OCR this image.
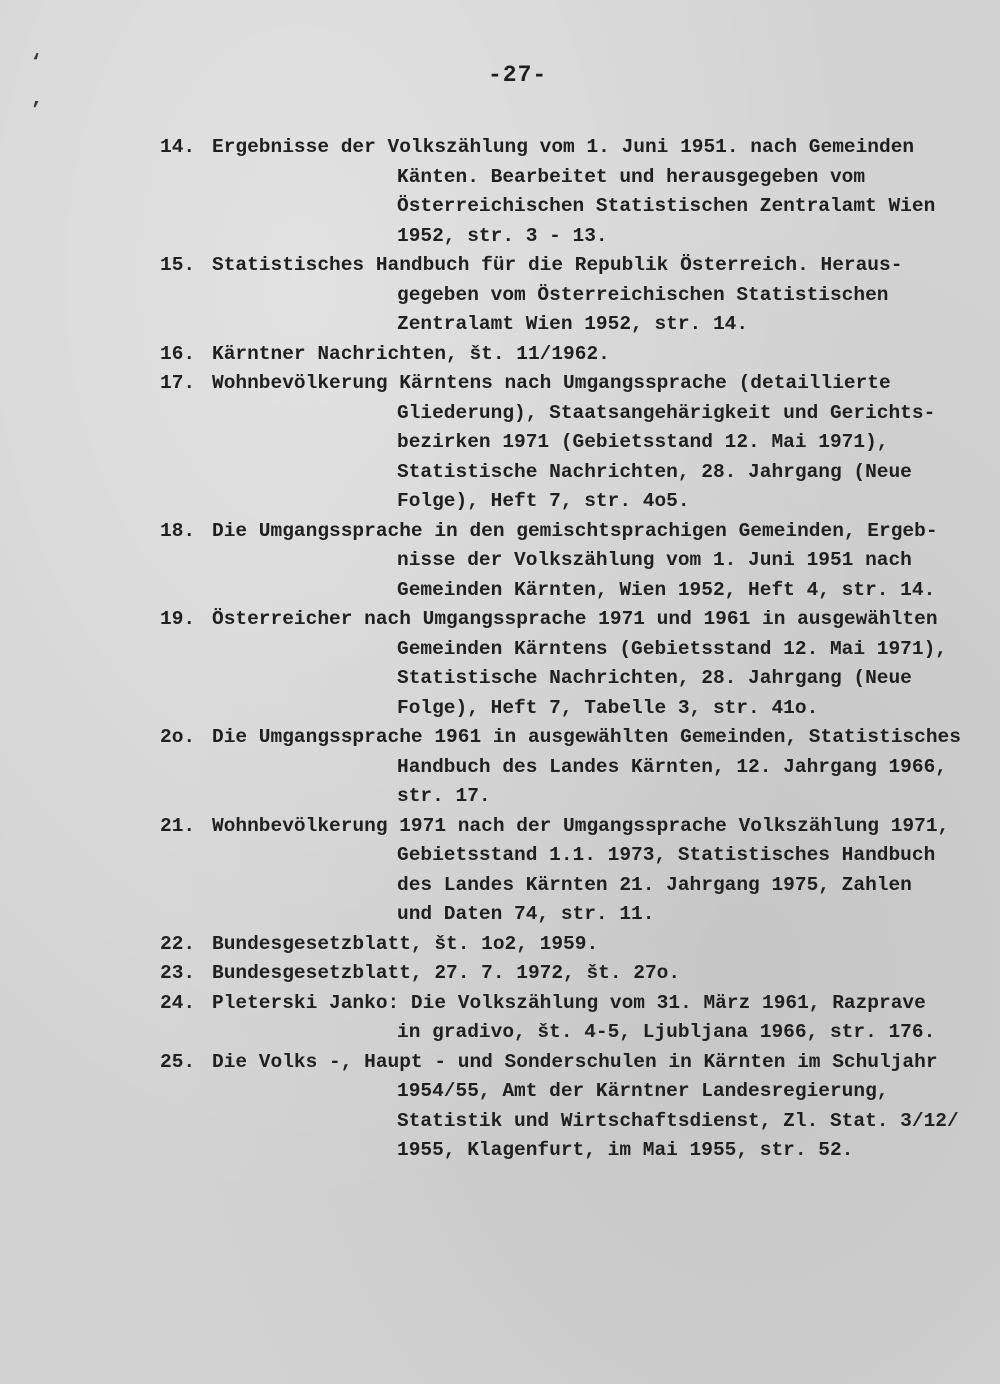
‘
’
-27-
14. Ergebnisse der Volkszählung vom 1. Juni 1951. nach Gemeinden
Känten. Bearbeitet und herausgegeben vom
Österreichischen Statistischen Zentralamt Wien
1952, str. 3 - 13.
15. Statistisches Handbuch für die Republik Österreich. Heraus-
gegeben vom Österreichischen Statistischen
Zentralamt Wien 1952, str. 14.
16. Kärntner Nachrichten, št. 11/1962.
17. Wohnbevölkerung Kärntens nach Umgangssprache (detaillierte
Gliederung), Staatsangehärigkeit und Gerichts-
bezirken 1971 (Gebietsstand 12. Mai 1971),
Statistische Nachrichten, 28. Jahrgang (Neue
Folge), Heft 7, str. 4o5.
18. Die Umgangssprache in den gemischtsprachigen Gemeinden, Ergeb-
nisse der Volkszählung vom 1. Juni 1951 nach
Gemeinden Kärnten, Wien 1952, Heft 4, str. 14.
19. Österreicher nach Umgangssprache 1971 und 1961 in ausgewählten
Gemeinden Kärntens (Gebietsstand 12. Mai 1971),
Statistische Nachrichten, 28. Jahrgang (Neue
Folge), Heft 7, Tabelle 3, str. 41o.
2o. Die Umgangssprache 1961 in ausgewählten Gemeinden, Statistisches
Handbuch des Landes Kärnten, 12. Jahrgang 1966,
str. 17.
21. Wohnbevölkerung 1971 nach der Umgangssprache Volkszählung 1971,
Gebietsstand 1.1. 1973, Statistisches Handbuch
des Landes Kärnten 21. Jahrgang 1975, Zahlen
und Daten 74, str. 11.
22. Bundesgesetzblatt, št. 1o2, 1959.
23. Bundesgesetzblatt, 27. 7. 1972, št. 27o.
24. Pleterski Janko: Die Volkszählung vom 31. März 1961, Razprave
in gradivo, št. 4-5, Ljubljana 1966, str. 176.
25. Die Volks -, Haupt - und Sonderschulen in Kärnten im Schuljahr
1954/55, Amt der Kärntner Landesregierung,
Statistik und Wirtschaftsdienst, Zl. Stat. 3/12/
1955, Klagenfurt, im Mai 1955, str. 52.
